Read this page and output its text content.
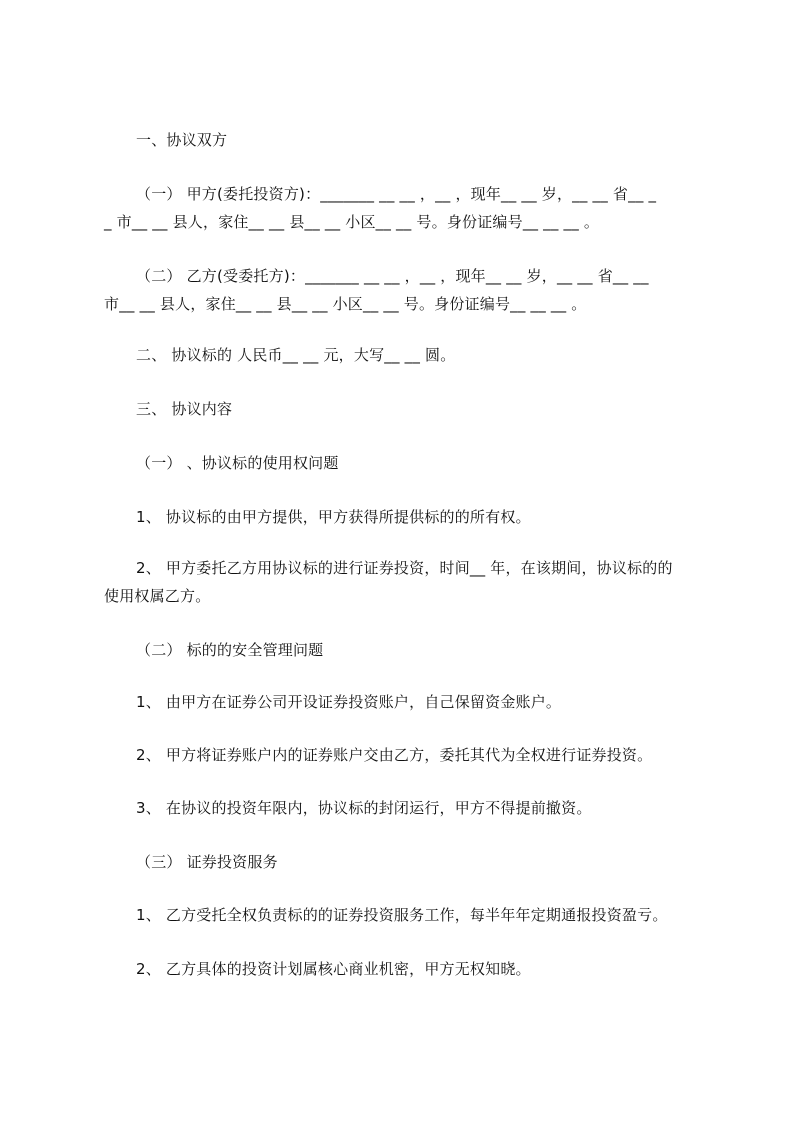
一、协议双方
（一） 甲方(委托投资方)：_______ __ __ ，__ ，现年__ __ 岁，__ __ 省__ _
_ 市__ __ 县人，家住__ __ 县__ __ 小区__ __ 号。身份证编号__ __ __ 。
（二） 乙方(受委托方)：_______ __ __ ，__ ，现年__ __ 岁，__ __ 省__ __
市__ __ 县人，家住__ __ 县__ __ 小区__ __ 号。身份证编号__ __ __ 。
二、 协议标的 人民币__ __ 元，大写__ __ 圆。
三、 协议内容
（一） 、协议标的使用权问题
1、 协议标的由甲方提供，甲方获得所提供标的的所有权。
2、 甲方委托乙方用协议标的进行证券投资，时间__ 年，在该期间，协议标的的
使用权属乙方。
（二） 标的的安全管理问题
1、 由甲方在证券公司开设证券投资账户，自己保留资金账户。
2、 甲方将证券账户内的证券账户交由乙方，委托其代为全权进行证券投资。
3、 在协议的投资年限内，协议标的封闭运行，甲方不得提前撤资。
（三） 证券投资服务
1、 乙方受托全权负责标的的证券投资服务工作，每半年年定期通报投资盈亏。
2、 乙方具体的投资计划属核心商业机密，甲方无权知晓。
